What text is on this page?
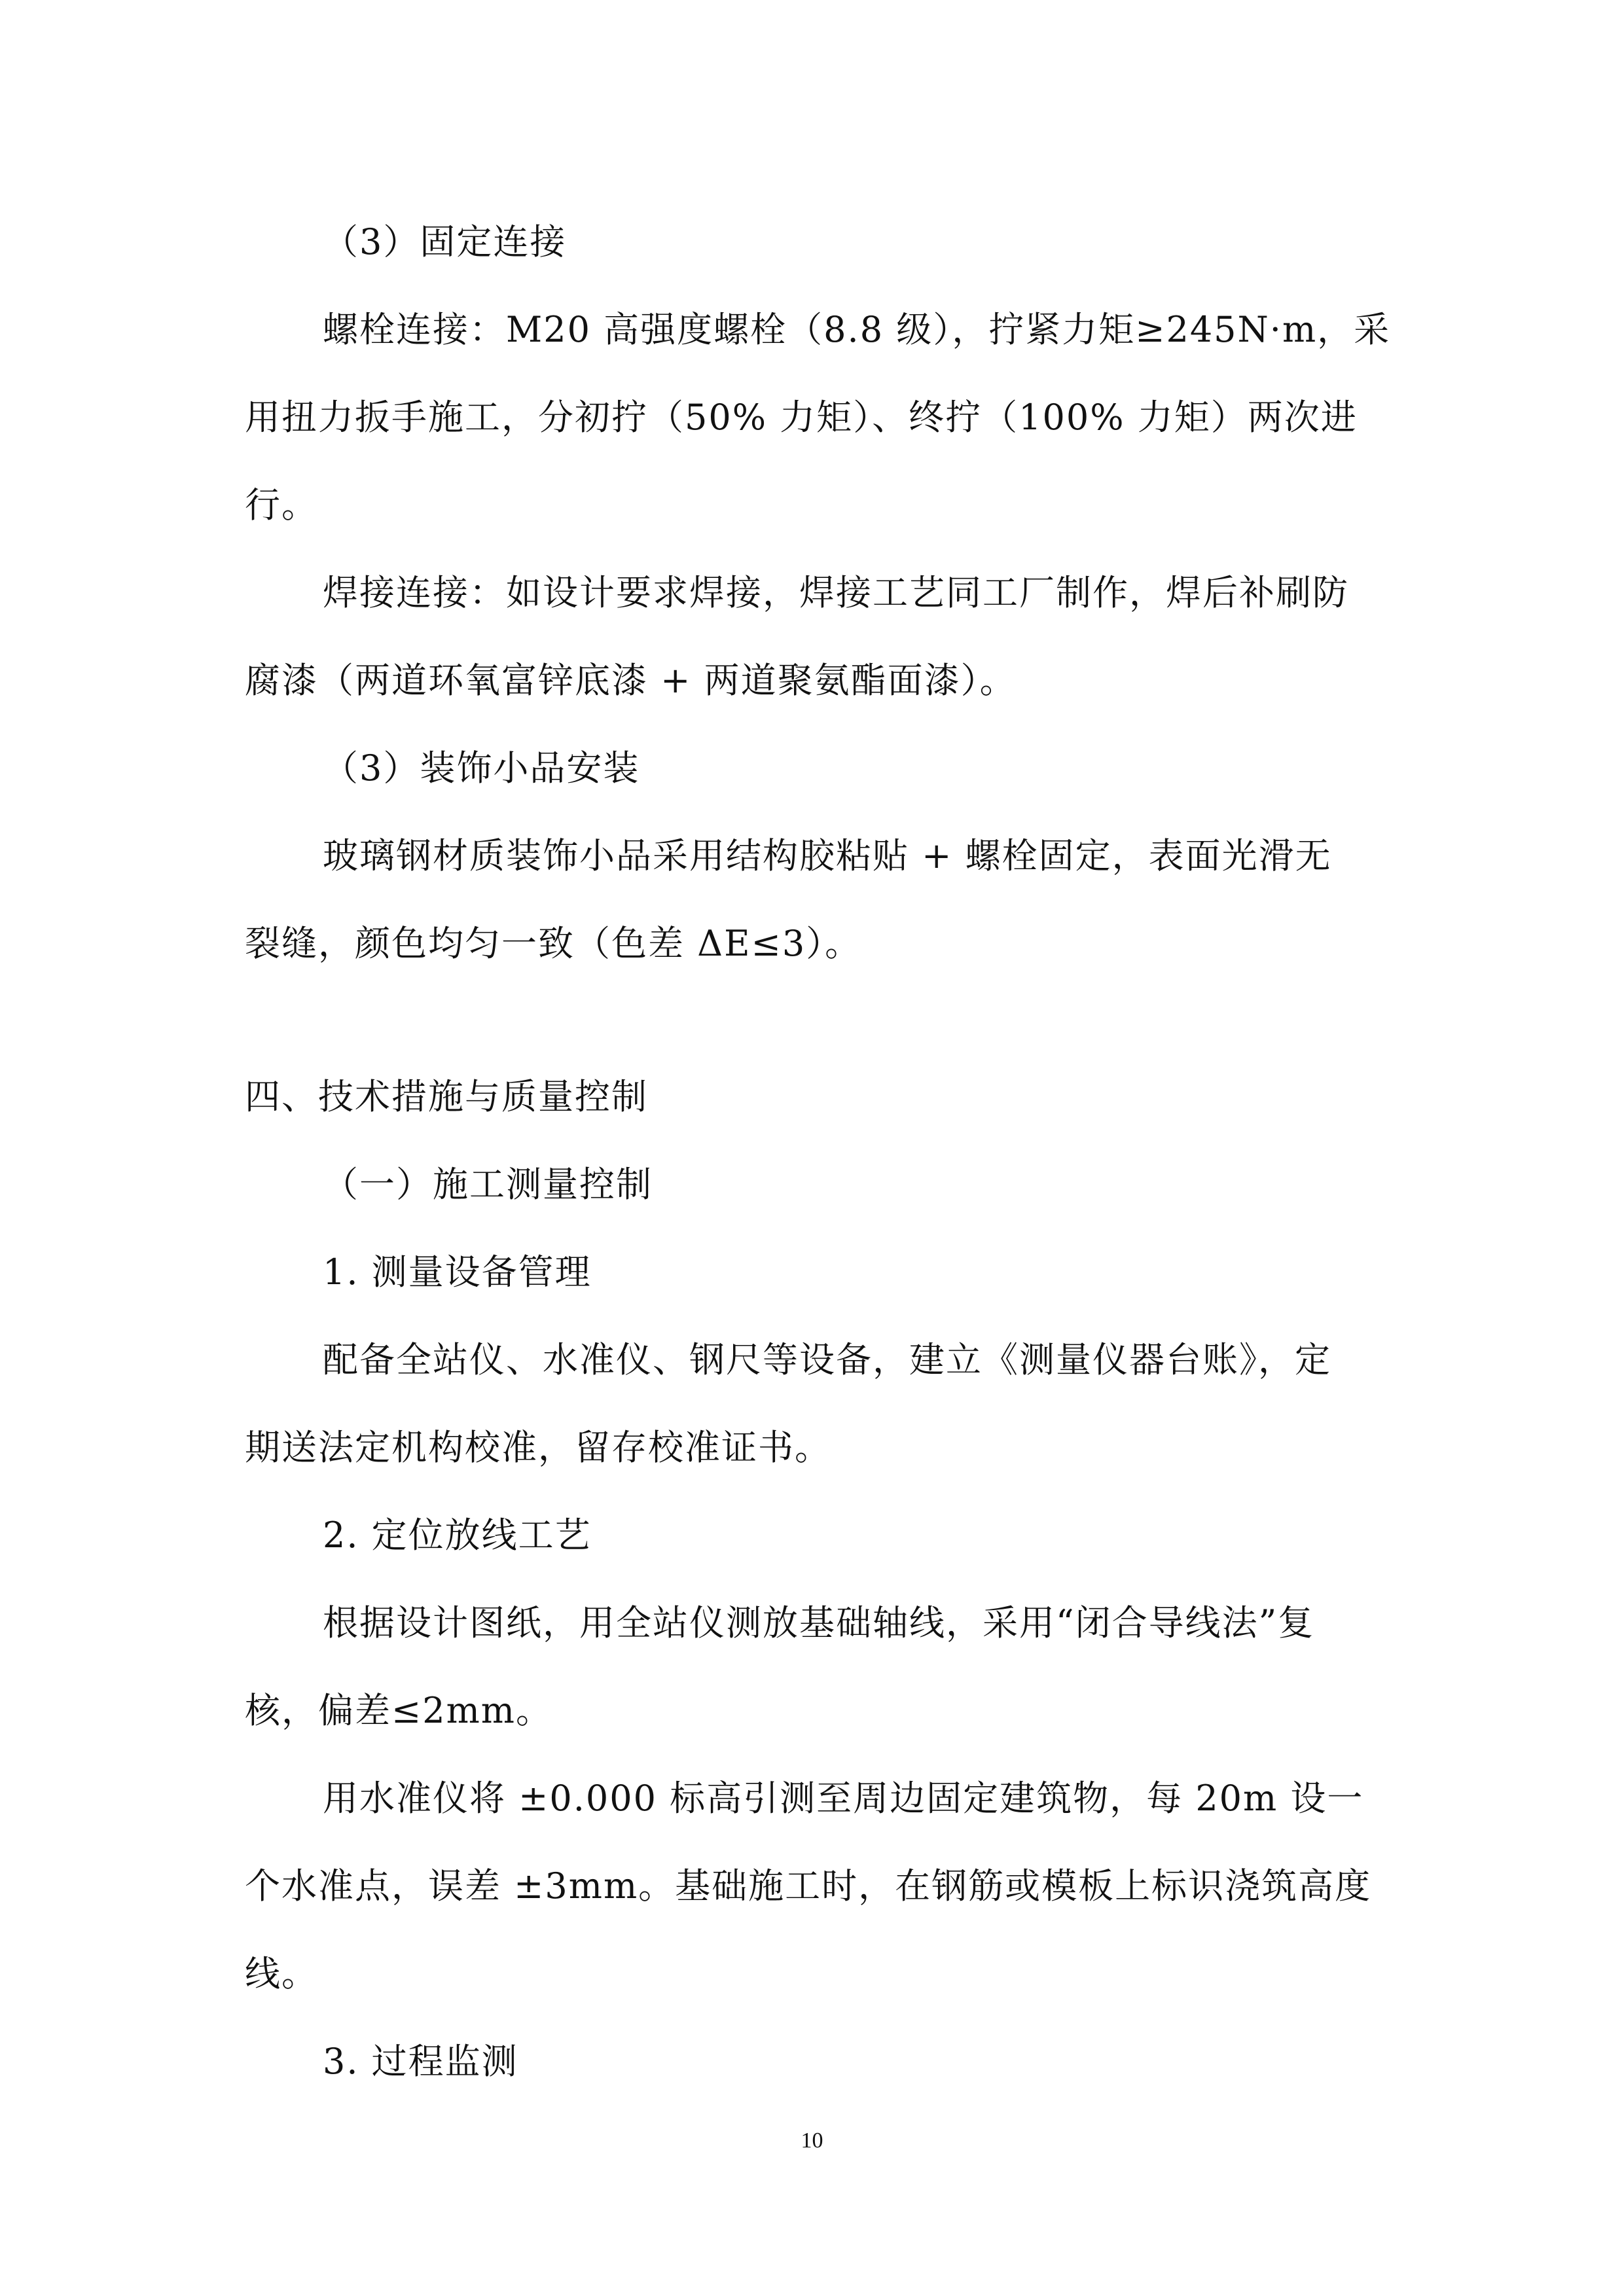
（3）固定连接
螺栓连接：M20 高强度螺栓（8.8 级），拧紧力矩≥245N·m，采
用扭力扳手施工，分初拧（50% 力矩）、终拧（100% 力矩）两次进
行。
焊接连接：如设计要求焊接，焊接工艺同工厂制作，焊后补刷防
腐漆（两道环氧富锌底漆 + 两道聚氨酯面漆）。
（3）装饰小品安装
玻璃钢材质装饰小品采用结构胶粘贴 + 螺栓固定，表面光滑无
裂缝，颜色均匀一致（色差 ΔE≤3）。
四、技术措施与质量控制
（一）施工测量控制
1. 测量设备管理
配备全站仪、水准仪、钢尺等设备，建立《测量仪器台账》，定
期送法定机构校准，留存校准证书。
2. 定位放线工艺
根据设计图纸，用全站仪测放基础轴线，采用“闭合导线法”复
核，偏差≤2mm。
用水准仪将 ±0.000 标高引测至周边固定建筑物，每 20m 设一
个水准点，误差 ±3mm。基础施工时，在钢筋或模板上标识浇筑高度
线。
3. 过程监测
10
